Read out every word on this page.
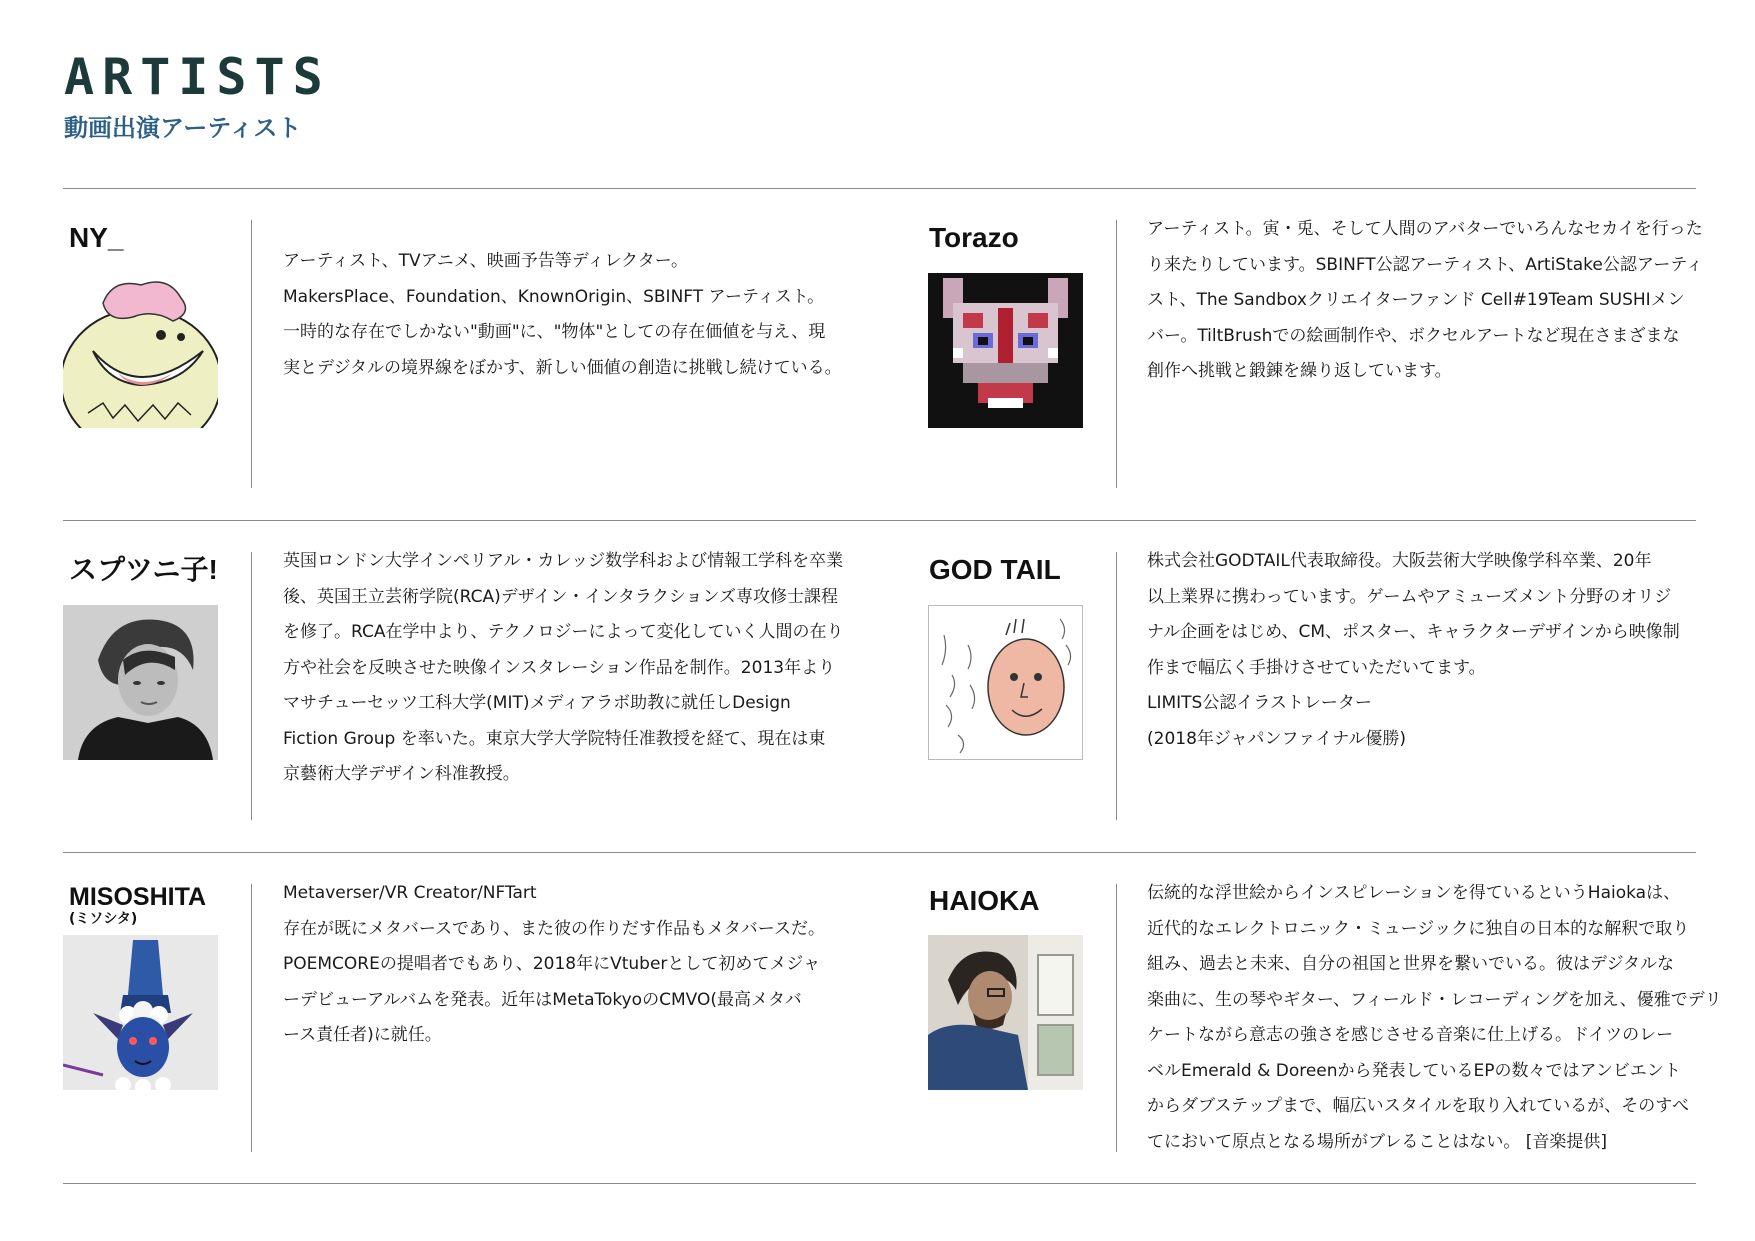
ARTISTS
動画出演アーティスト
NY_

アーティスト、TVアニメ、映画予告等ディレクター。

MakersPlace、Foundation、KnownOrigin、SBINFT アーティスト。

一時的な存在でしかない"動画"に、"物体"としての存在価値を与え、現

実とデジタルの境界線をぼかす、新しい価値の創造に挑戦し続けている。

Torazo	アーティスト。寅・兎、そして人間のアバターでいろんなセカイを行った

り来たりしています。SBINFT公認アーティスト、ArtiStake公認アーティ

スト、The Sandboxクリエイターファンド Cell#19Team SUSHIメン

バー。TiltBrushでの絵画制作や、ボクセルアートなど現在さまざまな

創作へ挑戦と鍛錬を繰り返しています。

スプツニ子!	英国ロンドン大学インペリアル・カレッジ数学科および情報工学科を卒業

後、英国王立芸術学院(RCA)デザイン・インタラクションズ専攻修士課程

を修了。RCA在学中より、テクノロジーによって変化していく人間の在り

方や社会を反映させた映像インスタレーション作品を制作。2013年より

マサチューセッツ工科大学(MIT)メディアラボ助教に就任しDesign

Fiction Group を率いた。東京大学大学院特任准教授を経て、現在は東

京藝術大学デザイン科准教授。

GOD TAIL	株式会社GODTAIL代表取締役。大阪芸術大学映像学科卒業、20年

以上業界に携わっています。ゲームやアミューズメント分野のオリジ

ナル企画をはじめ、CM、ポスター、キャラクターデザインから映像制

作まで幅広く手掛けさせていただいてます。

LIMITS公認イラストレーター

(2018年ジャパンファイナル優勝)

MISOSHITA
(ミソシタ)

Metaverser/VR Creator/NFTart

存在が既にメタバースであり、また彼の作りだす作品もメタバースだ。

POEMCOREの提唱者でもあり、2018年にVtuberとして初めてメジャ

ーデビューアルバムを発表。近年はMetaTokyoのCMVO(最高メタバ

ース責任者)に就任。

HAIOKA	伝統的な浮世絵からインスピレーションを得ているというHaiokaは、

近代的なエレクトロニック・ミュージックに独自の日本的な解釈で取り

組み、過去と未来、自分の祖国と世界を繋いでいる。彼はデジタルな

楽曲に、生の琴やギター、フィールド・レコーディングを加え、優雅でデリ

ケートながら意志の強さを感じさせる音楽に仕上げる。ドイツのレー

ベルEmerald & Doreenから発表しているEPの数々ではアンビエント

からダブステップまで、幅広いスタイルを取り入れているが、そのすべ

てにおいて原点となる場所がブレることはない。 [音楽提供]
